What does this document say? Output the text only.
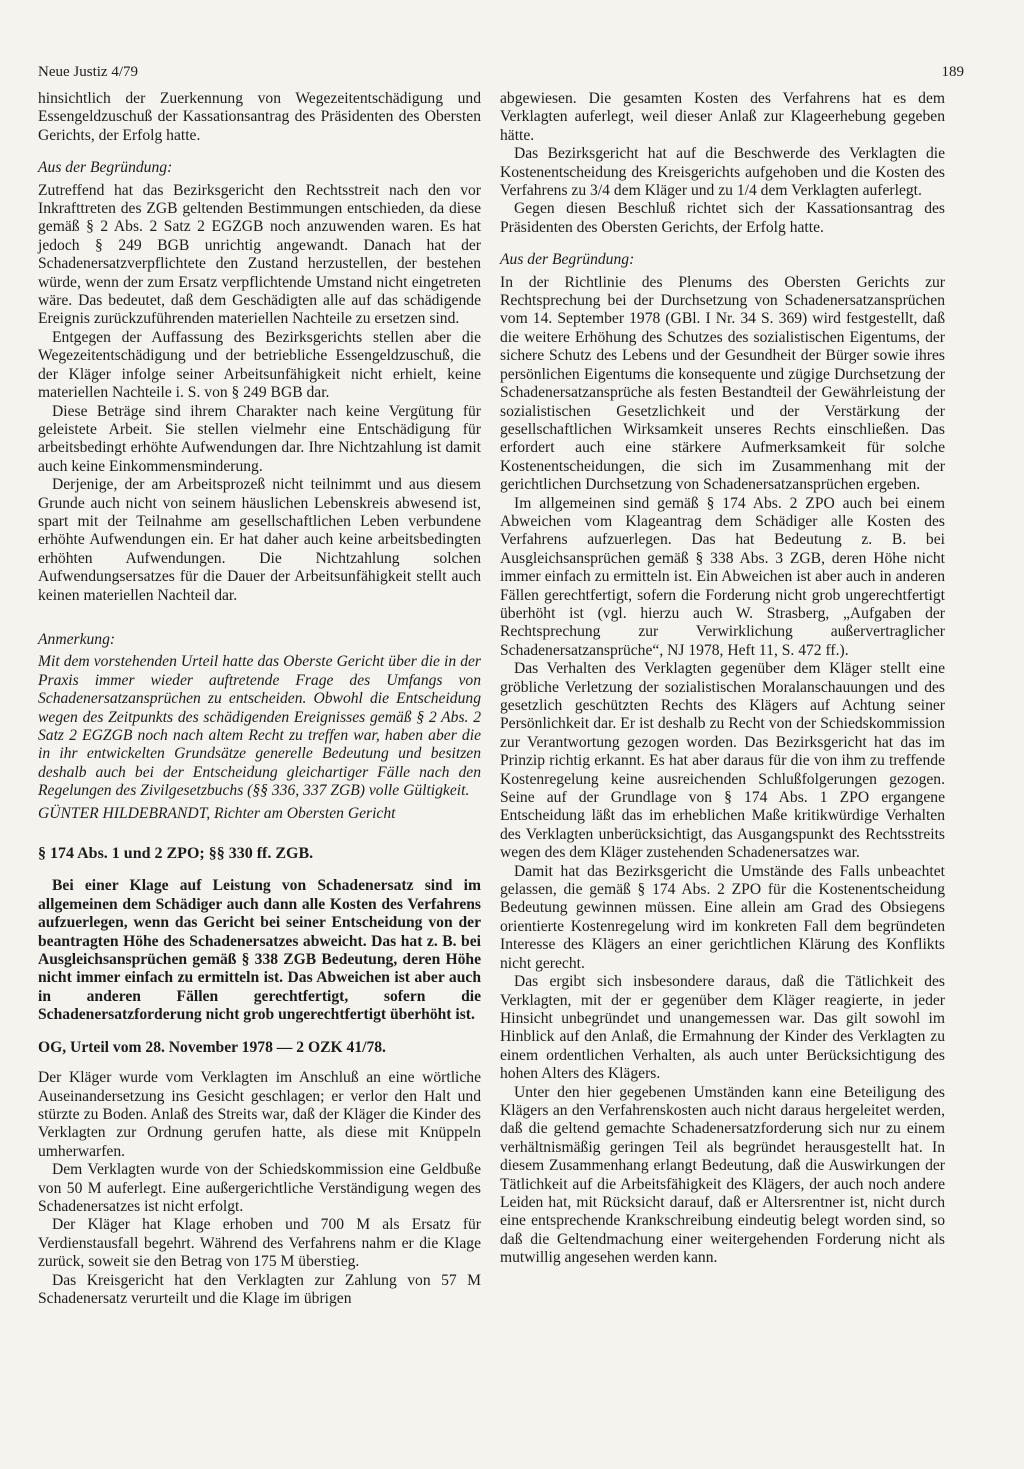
Neue Justiz 4/79	189

hinsichtlich der Zuerkennung von Wegezeitentschädigung und Essengeldzuschuß der Kassationsantrag des Präsidenten des Obersten Gerichts, der Erfolg hatte.

Aus der Begründung:

Zutreffend hat das Bezirksgericht den Rechtsstreit nach den vor Inkrafttreten des ZGB geltenden Bestimmungen entschieden, da diese gemäß § 2 Abs. 2 Satz 2 EGZGB noch anzuwenden waren. Es hat jedoch § 249 BGB unrichtig angewandt. Danach hat der Schadenersatzverpflichtete den Zustand herzustellen, der bestehen würde, wenn der zum Ersatz verpflichtende Umstand nicht eingetreten wäre. Das bedeutet, daß dem Geschädigten alle auf das schädigende Ereignis zurückzuführenden materiellen Nachteile zu ersetzen sind.

Entgegen der Auffassung des Bezirksgerichts stellen aber die Wegezeitentschädigung und der betriebliche Essengeldzuschuß, die der Kläger infolge seiner Arbeitsunfähigkeit nicht erhielt, keine materiellen Nachteile i. S. von § 249 BGB dar.

Diese Beträge sind ihrem Charakter nach keine Vergütung für geleistete Arbeit. Sie stellen vielmehr eine Entschädigung für arbeitsbedingt erhöhte Aufwendungen dar. Ihre Nichtzahlung ist damit auch keine Einkommensminderung.

Derjenige, der am Arbeitsprozeß nicht teilnimmt und aus diesem Grunde auch nicht von seinem häuslichen Lebenskreis abwesend ist, spart mit der Teilnahme am gesellschaftlichen Leben verbundene erhöhte Aufwendungen ein. Er hat daher auch keine arbeitsbedingten erhöhten Aufwendungen. Die Nichtzahlung solchen Aufwendungsersatzes für die Dauer der Arbeitsunfähigkeit stellt auch keinen materiellen Nachteil dar.

Anmerkung:

Mit dem vorstehenden Urteil hatte das Oberste Gericht über die in der Praxis immer wieder auftretende Frage des Umfangs von Schadenersatzansprüchen zu entscheiden. Obwohl die Entscheidung wegen des Zeitpunkts des schädigenden Ereignisses gemäß § 2 Abs. 2 Satz 2 EGZGB noch nach altem Recht zu treffen war, haben aber die in ihr entwickelten Grundsätze generelle Bedeutung und besitzen deshalb auch bei der Entscheidung gleichartiger Fälle nach den Regelungen des Zivilgesetzbuchs (§§ 336, 337 ZGB) volle Gültigkeit.

GÜNTER HILDEBRANDT, Richter am Obersten Gericht
§ 174 Abs. 1 und 2 ZPO; §§ 330 ff. ZGB.

Bei einer Klage auf Leistung von Schadenersatz sind im allgemeinen dem Schädiger auch dann alle Kosten des Verfahrens aufzuerlegen, wenn das Gericht bei seiner Entscheidung von der beantragten Höhe des Schadenersatzes abweicht. Das hat z. B. bei Ausgleichsansprüchen gemäß § 338 ZGB Bedeutung, deren Höhe nicht immer einfach zu ermitteln ist. Das Abweichen ist aber auch in anderen Fällen gerechtfertigt, sofern die Schadenersatzforderung nicht grob ungerechtfertigt überhöht ist.

OG, Urteil vom 28. November 1978 — 2 OZK 41/78.

Der Kläger wurde vom Verklagten im Anschluß an eine wörtliche Auseinandersetzung ins Gesicht geschlagen; er verlor den Halt und stürzte zu Boden. Anlaß des Streits war, daß der Kläger die Kinder des Verklagten zur Ordnung gerufen hatte, als diese mit Knüppeln umherwarfen.

Dem Verklagten wurde von der Schiedskommission eine Geldbuße von 50 M auferlegt. Eine außergerichtliche Verständigung wegen des Schadenersatzes ist nicht erfolgt.

Der Kläger hat Klage erhoben und 700 M als Ersatz für Verdienstausfall begehrt. Während des Verfahrens nahm er die Klage zurück, soweit sie den Betrag von 175 M überstieg.

Das Kreisgericht hat den Verklagten zur Zahlung von 57 M Schadenersatz verurteilt und die Klage im übrigen

abgewiesen. Die gesamten Kosten des Verfahrens hat es dem Verklagten auferlegt, weil dieser Anlaß zur Klageerhebung gegeben hätte.

Das Bezirksgericht hat auf die Beschwerde des Verklagten die Kostenentscheidung des Kreisgerichts aufgehoben und die Kosten des Verfahrens zu 3/4 dem Kläger und zu 1/4 dem Verklagten auferlegt.

Gegen diesen Beschluß richtet sich der Kassationsantrag des Präsidenten des Obersten Gerichts, der Erfolg hatte.

Aus der Begründung:

In der Richtlinie des Plenums des Obersten Gerichts zur Rechtsprechung bei der Durchsetzung von Schadenersatzansprüchen vom 14. September 1978 (GBl. I Nr. 34 S. 369) wird festgestellt, daß die weitere Erhöhung des Schutzes des sozialistischen Eigentums, der sichere Schutz des Lebens und der Gesundheit der Bürger sowie ihres persönlichen Eigentums die konsequente und zügige Durchsetzung der Schadenersatzansprüche als festen Bestandteil der Gewährleistung der sozialistischen Gesetzlichkeit und der Verstärkung der gesellschaftlichen Wirksamkeit unseres Rechts einschließen. Das erfordert auch eine stärkere Aufmerksamkeit für solche Kostenentscheidungen, die sich im Zusammenhang mit der gerichtlichen Durchsetzung von Schadenersatzansprüchen ergeben.

Im allgemeinen sind gemäß § 174 Abs. 2 ZPO auch bei einem Abweichen vom Klageantrag dem Schädiger alle Kosten des Verfahrens aufzuerlegen. Das hat Bedeutung z. B. bei Ausgleichsansprüchen gemäß § 338 Abs. 3 ZGB, deren Höhe nicht immer einfach zu ermitteln ist. Ein Abweichen ist aber auch in anderen Fällen gerechtfertigt, sofern die Forderung nicht grob ungerechtfertigt überhöht ist (vgl. hierzu auch W. Strasberg, „Aufgaben der Rechtsprechung zur Verwirklichung außervertraglicher Schadenersatzansprüche“, NJ 1978, Heft 11, S. 472 ff.).

Das Verhalten des Verklagten gegenüber dem Kläger stellt eine gröbliche Verletzung der sozialistischen Moralanschauungen und des gesetzlich geschützten Rechts des Klägers auf Achtung seiner Persönlichkeit dar. Er ist deshalb zu Recht von der Schiedskommission zur Verantwortung gezogen worden. Das Bezirksgericht hat das im Prinzip richtig erkannt. Es hat aber daraus für die von ihm zu treffende Kostenregelung keine ausreichenden Schlußfolgerungen gezogen. Seine auf der Grundlage von § 174 Abs. 1 ZPO ergangene Entscheidung läßt das im erheblichen Maße kritikwürdige Verhalten des Verklagten unberücksichtigt, das Ausgangspunkt des Rechtsstreits wegen des dem Kläger zustehenden Schadenersatzes war.

Damit hat das Bezirksgericht die Umstände des Falls unbeachtet gelassen, die gemäß § 174 Abs. 2 ZPO für die Kostenentscheidung Bedeutung gewinnen müssen. Eine allein am Grad des Obsiegens orientierte Kostenregelung wird im konkreten Fall dem begründeten Interesse des Klägers an einer gerichtlichen Klärung des Konflikts nicht gerecht.

Das ergibt sich insbesondere daraus, daß die Tätlichkeit des Verklagten, mit der er gegenüber dem Kläger reagierte, in jeder Hinsicht unbegründet und unangemessen war. Das gilt sowohl im Hinblick auf den Anlaß, die Ermahnung der Kinder des Verklagten zu einem ordentlichen Verhalten, als auch unter Berücksichtigung des hohen Alters des Klägers.

Unter den hier gegebenen Umständen kann eine Beteiligung des Klägers an den Verfahrenskosten auch nicht daraus hergeleitet werden, daß die geltend gemachte Schadenersatzforderung sich nur zu einem verhältnismäßig geringen Teil als begründet herausgestellt hat. In diesem Zusammenhang erlangt Bedeutung, daß die Auswirkungen der Tätlichkeit auf die Arbeitsfähigkeit des Klägers, der auch noch andere Leiden hat, mit Rücksicht darauf, daß er Altersrentner ist, nicht durch eine entsprechende Krankschreibung eindeutig belegt worden sind, so daß die Geltendmachung einer weitergehenden Forderung nicht als mutwillig angesehen werden kann.
